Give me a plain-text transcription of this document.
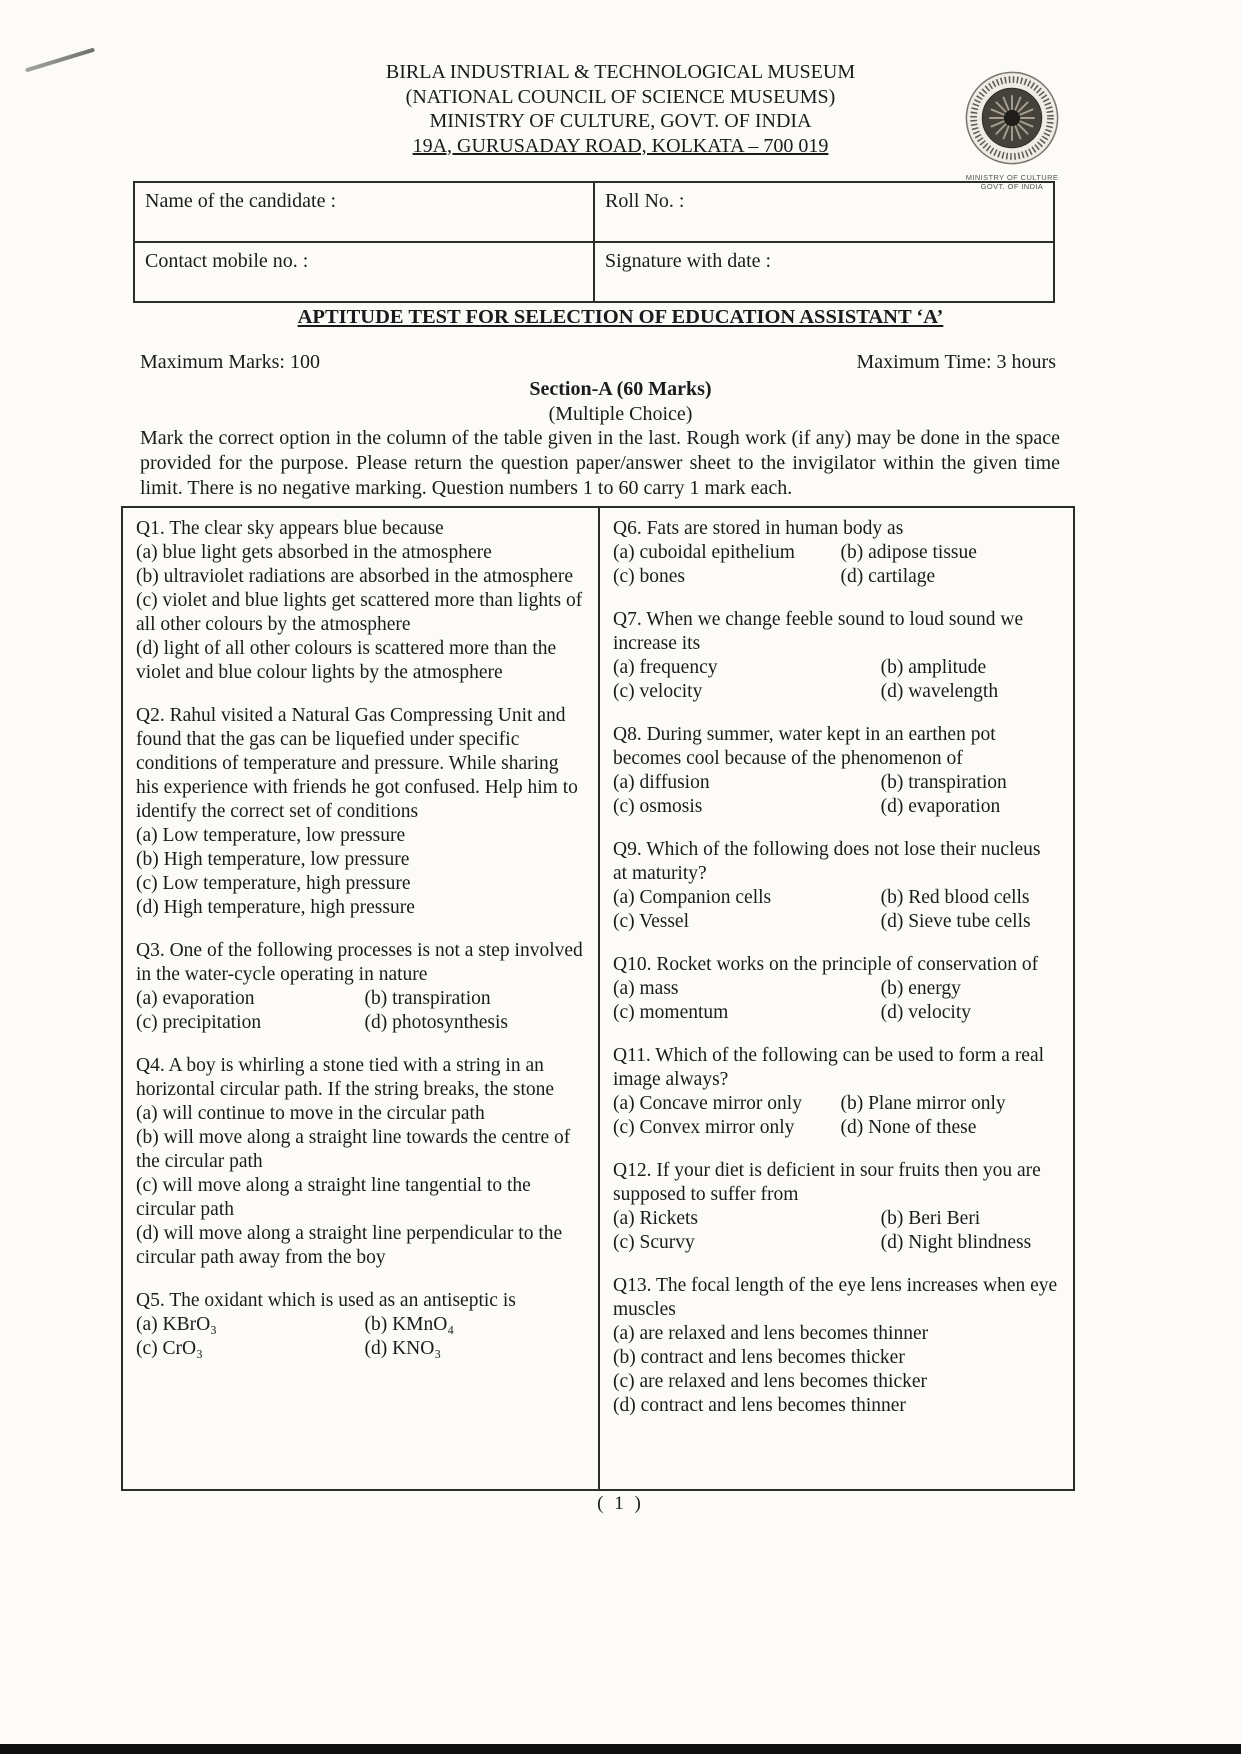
BIRLA INDUSTRIAL & TECHNOLOGICAL MUSEUM
(NATIONAL COUNCIL OF SCIENCE MUSEUMS)
MINISTRY OF CULTURE, GOVT. OF INDIA
19A, GURUSADAY ROAD, KOLKATA – 700 019
MINISTRY OF CULTURE
GOVT. OF INDIA
Name of the candidate :	Roll No. :
Contact mobile no. :	Signature with date :
APTITUDE TEST FOR SELECTION OF EDUCATION ASSISTANT ‘A’
Maximum Marks: 100	Maximum Time: 3 hours
Section-A (60 Marks)
(Multiple Choice)
Mark the correct option in the column of the table given in the last. Rough work (if any) may be done in the space provided for the purpose. Please return the question paper/answer sheet to the invigilator within the given time limit. There is no negative marking. Question numbers 1 to 60 carry 1 mark each.
Q1. The clear sky appears blue because
(a) blue light gets absorbed in the atmosphere
(b) ultraviolet radiations are absorbed in the atmosphere
(c) violet and blue lights get scattered more than lights of all other colours by the atmosphere
(d) light of all other colours is scattered more than the violet and blue colour lights by the atmosphere
Q2. Rahul visited a Natural Gas Compressing Unit and found that the gas can be liquefied under specific conditions of temperature and pressure. While sharing his experience with friends he got confused. Help him to identify the correct set of conditions
(a) Low temperature, low pressure
(b) High temperature, low pressure
(c) Low temperature, high pressure
(d) High temperature, high pressure
Q3. One of the following processes is not a step involved in the water-cycle operating in nature
(a) evaporation	(b) transpiration
(c) precipitation	(d) photosynthesis
Q4. A boy is whirling a stone tied with a string in an horizontal circular path. If the string breaks, the stone
(a) will continue to move in the circular path
(b) will move along a straight line towards the centre of the circular path
(c) will move along a straight line tangential to the circular path
(d) will move along a straight line perpendicular to the circular path away from the boy
Q5. The oxidant which is used as an antiseptic is
(a) KBrO₃	(b) KMnO₄
(c) CrO₃	(d) KNO₃
Q6. Fats are stored in human body as
(a) cuboidal epithelium	(b) adipose tissue
(c) bones	(d) cartilage
Q7. When we change feeble sound to loud sound we increase its
(a) frequency	(b) amplitude
(c) velocity	(d) wavelength
Q8. During summer, water kept in an earthen pot becomes cool because of the phenomenon of
(a) diffusion	(b) transpiration
(c) osmosis	(d) evaporation
Q9. Which of the following does not lose their nucleus at maturity?
(a) Companion cells	(b) Red blood cells
(c) Vessel	(d) Sieve tube cells
Q10. Rocket works on the principle of conservation of
(a) mass	(b) energy
(c) momentum	(d) velocity
Q11. Which of the following can be used to form a real image always?
(a) Concave mirror only	(b) Plane mirror only
(c) Convex mirror only	(d) None of these
Q12. If your diet is deficient in sour fruits then you are supposed to suffer from
(a) Rickets	(b) Beri Beri
(c) Scurvy	(d) Night blindness
Q13. The focal length of the eye lens increases when eye muscles
(a) are relaxed and lens becomes thinner
(b) contract and lens becomes thicker
(c) are relaxed and lens becomes thicker
(d) contract and lens becomes thinner
( 1 )
